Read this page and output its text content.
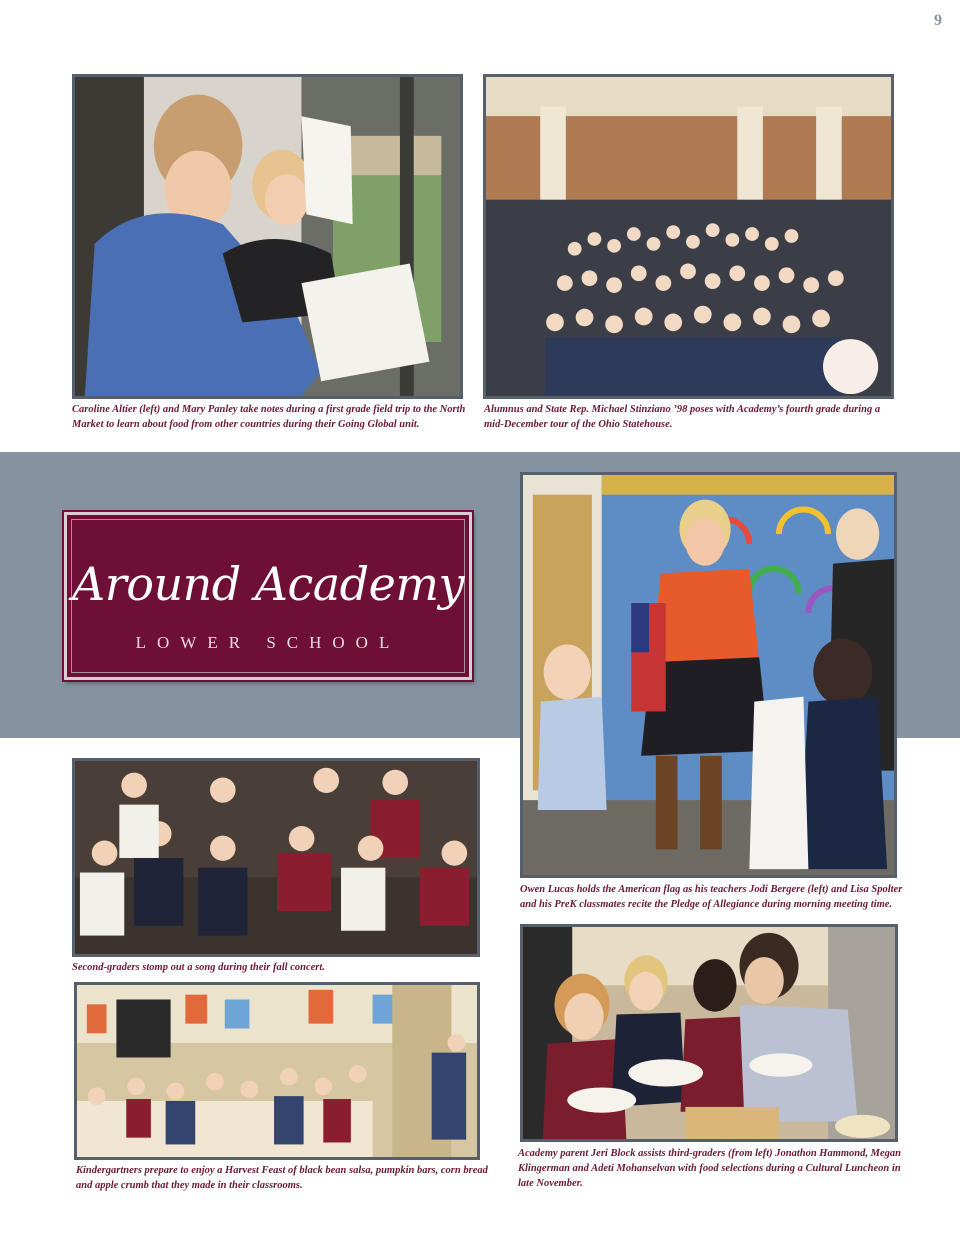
9
Caroline Altier (left) and Mary Panley take notes during a first grade field trip to the North Market to learn about food from other countries during their Going Global unit.
Alumnus and State Rep. Michael Stinziano ’98 poses with Academy’s fourth grade during a mid-December tour of the Ohio Statehouse.
Around Academy
LOWER SCHOOL
Owen Lucas holds the American flag as his teachers Jodi Bergere (left) and Lisa Spolter and his PreK classmates recite the Pledge of Allegiance during morning meeting time.
Second-graders stomp out a song during their fall concert.
Kindergartners prepare to enjoy a Harvest Feast of black bean salsa, pumpkin bars, corn bread and apple crumb that they made in their classrooms.
Academy parent Jeri Block assists third-graders (from left) Jonathon Hammond, Megan Klingerman and Adeti Mohanselvan with food selections during a Cultural Luncheon in late November.
